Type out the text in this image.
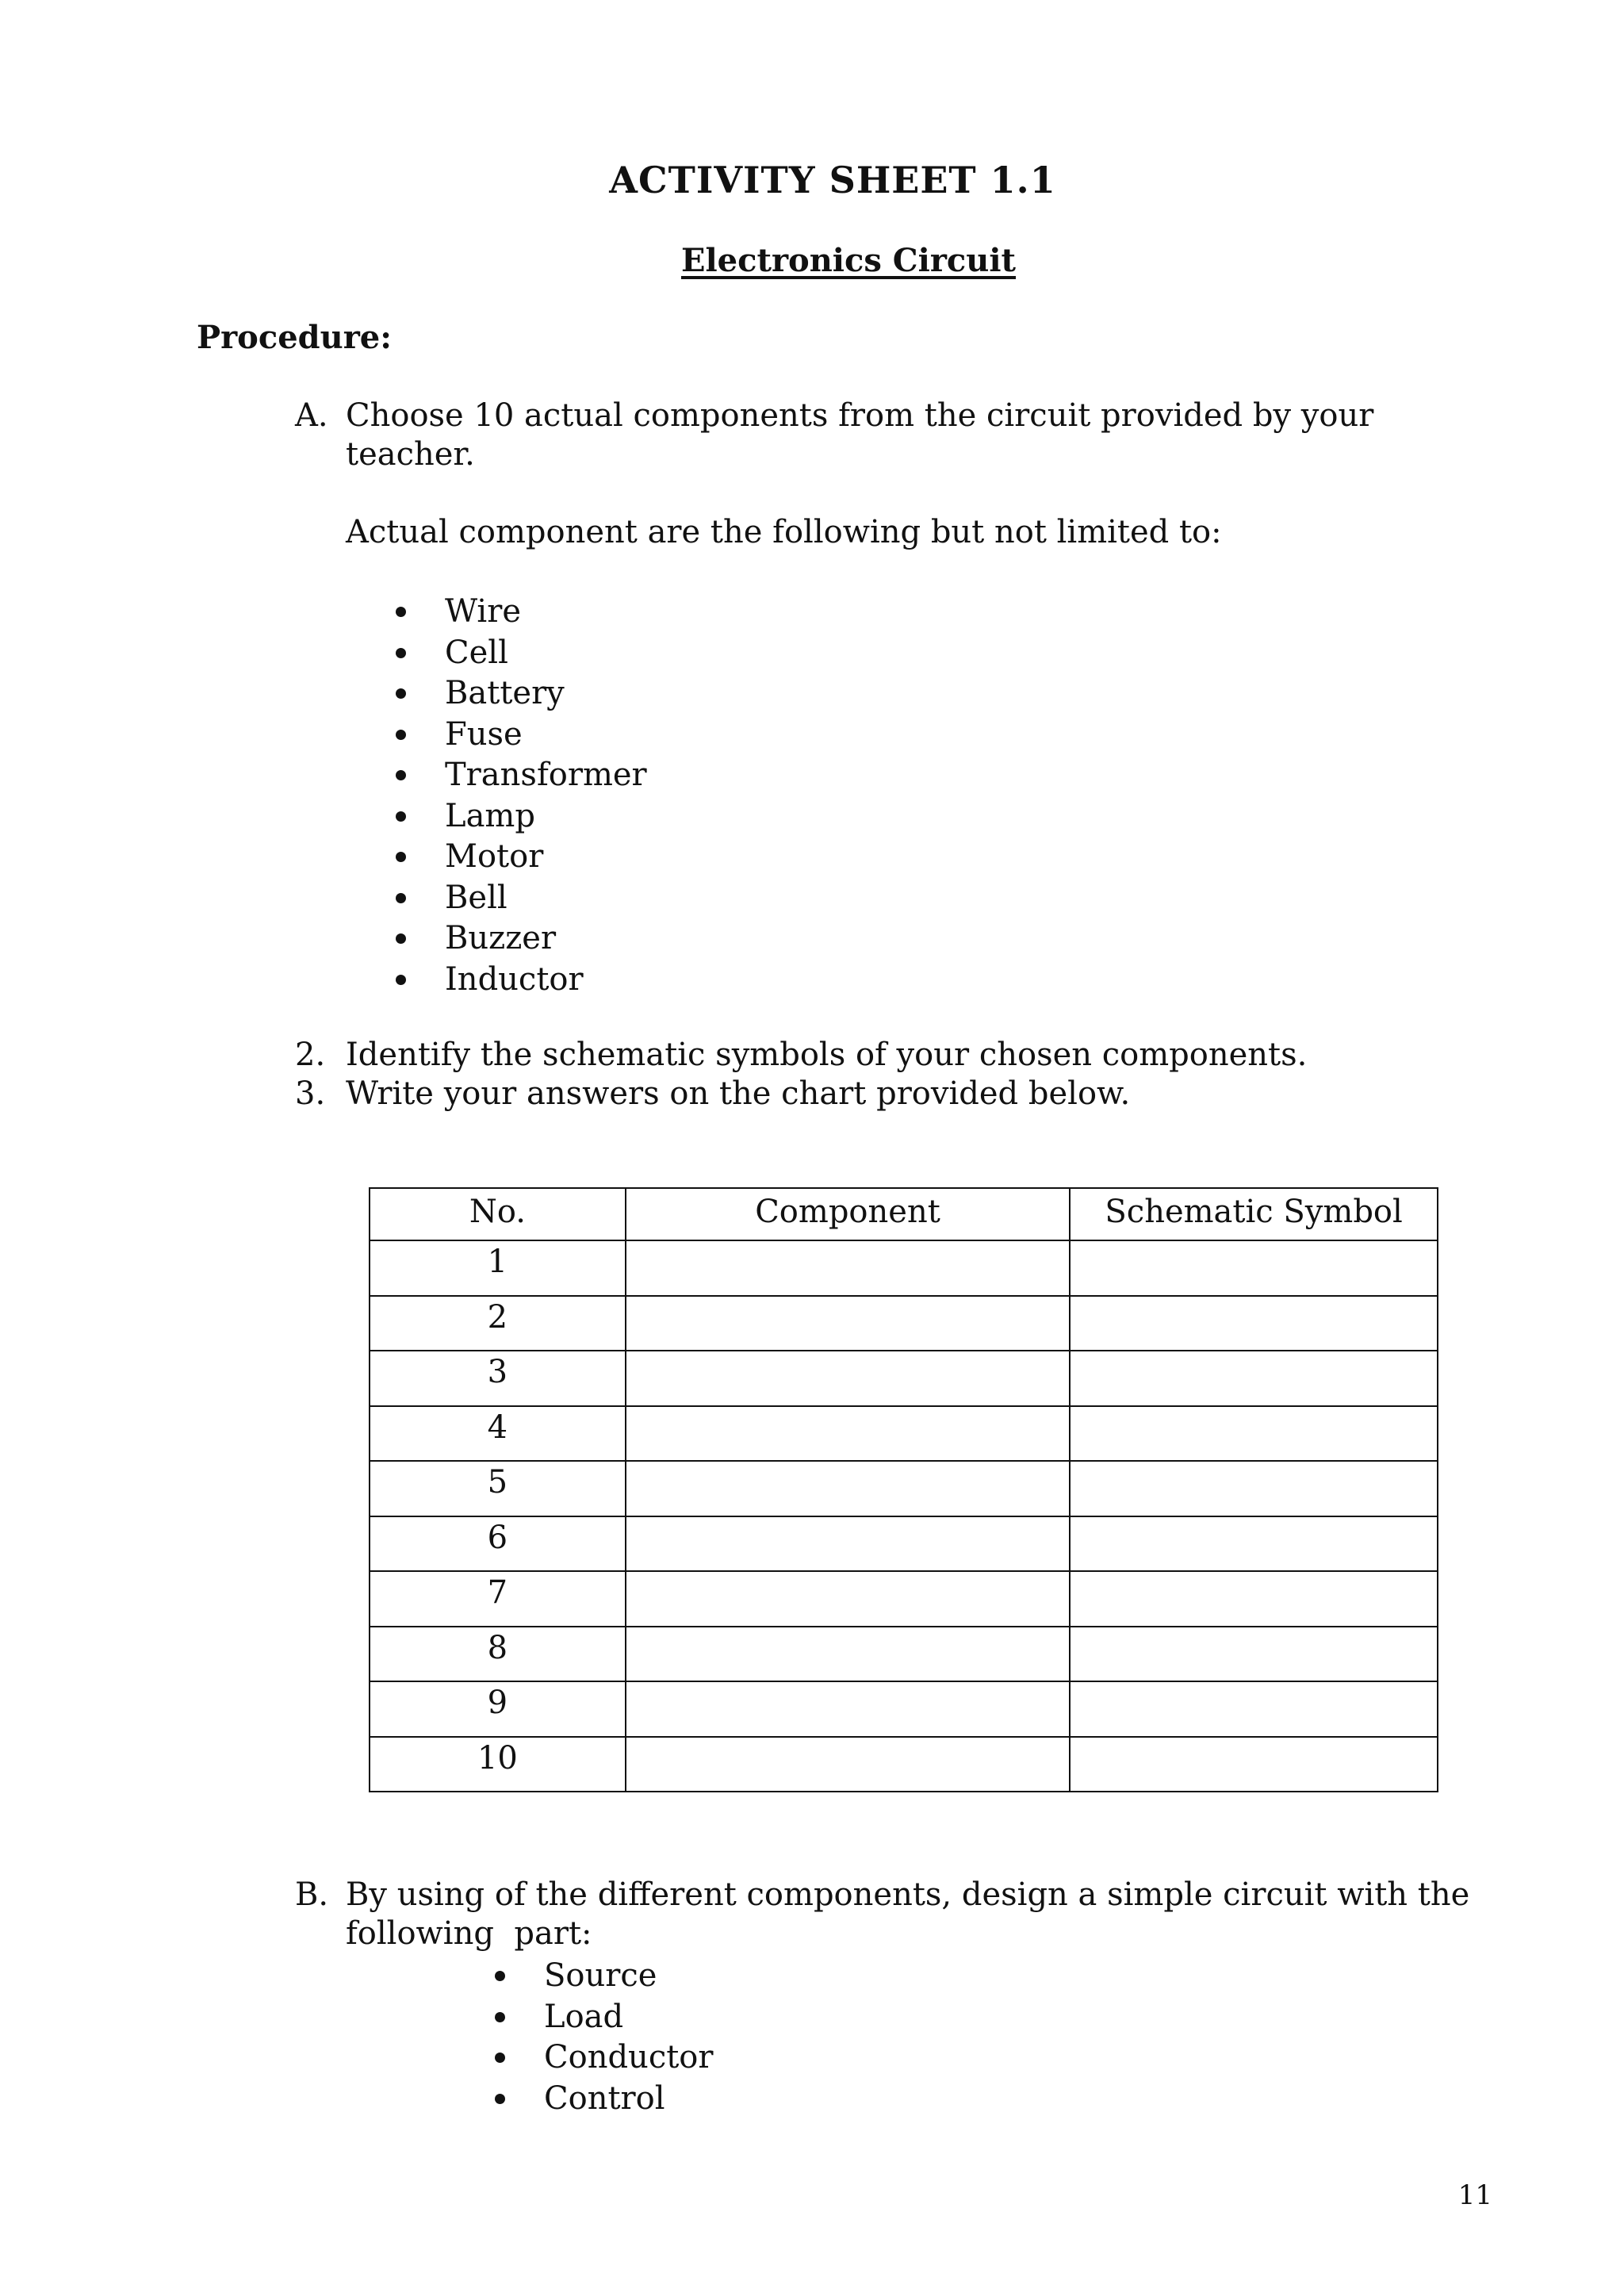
ACTIVITY SHEET 1.1
Electronics Circuit
Procedure:
A. Choose 10 actual components from the circuit provided by your
teacher.
Actual component are the following but not limited to:
Wire
Cell
Battery
Fuse
Transformer
Lamp
Motor
Bell
Buzzer
Inductor
2. Identify the schematic symbols of your chosen components.
3. Write your answers on the chart provided below.
No.	Component	Schematic Symbol
1		
2		
3		
4		
5		
6		
7		
8		
9		
10		
B. By using of the different components, design a simple circuit with the
following  part:
Source
Load
Conductor
Control
11
